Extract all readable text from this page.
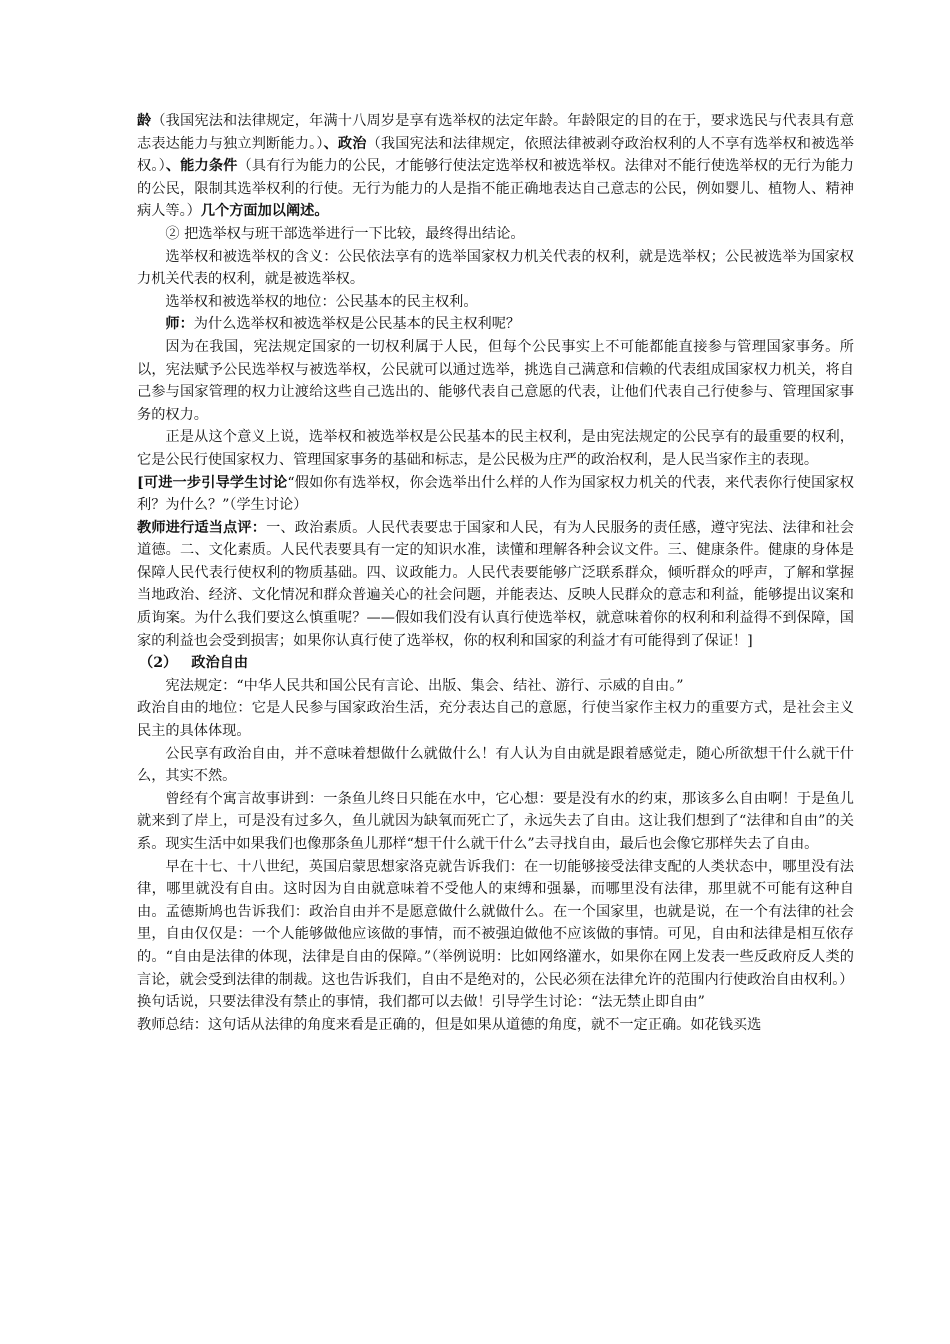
龄（我国宪法和法律规定，年满十八周岁是享有选举权的法定年龄。年龄限定的目的在于，要求选民与代表具有意志表达能力与独立判断能力。）、政治（我国宪法和法律规定，依照法律被剥夺政治权利的人不享有选举权和被选举权。）、能力条件（具有行为能力的公民，才能够行使法定选举权和被选举权。法律对不能行使选举权的无行为能力的公民，限制其选举权利的行使。无行为能力的人是指不能正确地表达自己意志的公民，例如婴儿、植物人、精神病人等。）几个方面加以阐述。

② 把选举权与班干部选举进行一下比较，最终得出结论。

选举权和被选举权的含义：公民依法享有的选举国家权力机关代表的权利，就是选举权；公民被选举为国家权力机关代表的权利，就是被选举权。

选举权和被选举权的地位：公民基本的民主权利。

师：为什么选举权和被选举权是公民基本的民主权利呢？

因为在我国，宪法规定国家的一切权利属于人民，但每个公民事实上不可能都能直接参与管理国家事务。所以，宪法赋予公民选举权与被选举权，公民就可以通过选举，挑选自己满意和信赖的代表组成国家权力机关，将自己参与国家管理的权力让渡给这些自己选出的、能够代表自己意愿的代表，让他们代表自己行使参与、管理国家事务的权力。

正是从这个意义上说，选举权和被选举权是公民基本的民主权利，是由宪法规定的公民享有的最重要的权利，它是公民行使国家权力、管理国家事务的基础和标志，是公民极为庄严的政治权利，是人民当家作主的表现。

[可进一步引导学生讨论“假如你有选举权，你会选举出什么样的人作为国家权力机关的代表，来代表你行使国家权利？为什么？”（学生讨论）

教师进行适当点评：一、政治素质。人民代表要忠于国家和人民，有为人民服务的责任感，遵守宪法、法律和社会道德。二、文化素质。人民代表要具有一定的知识水准，读懂和理解各种会议文件。三、健康条件。健康的身体是保障人民代表行使权利的物质基础。四、议政能力。人民代表要能够广泛联系群众，倾听群众的呼声，了解和掌握当地政治、经济、文化情况和群众普遍关心的社会问题，并能表达、反映人民群众的意志和利益，能够提出议案和质询案。为什么我们要这么慎重呢？——假如我们没有认真行使选举权，就意味着你的权利和利益得不到保障，国家的利益也会受到损害；如果你认真行使了选举权，你的权利和国家的利益才有可能得到了保证！]

（2） 政治自由

宪法规定：“中华人民共和国公民有言论、出版、集会、结社、游行、示威的自由。”

政治自由的地位：它是人民参与国家政治生活，充分表达自己的意愿，行使当家作主权力的重要方式，是社会主义民主的具体体现。

公民享有政治自由，并不意味着想做什么就做什么！有人认为自由就是跟着感觉走，随心所欲想干什么就干什么，其实不然。

曾经有个寓言故事讲到：一条鱼儿终日只能在水中，它心想：要是没有水的约束，那该多么自由啊！于是鱼儿就来到了岸上，可是没有过多久，鱼儿就因为缺氧而死亡了，永远失去了自由。这让我们想到了“法律和自由”的关系。现实生活中如果我们也像那条鱼儿那样“想干什么就干什么”去寻找自由，最后也会像它那样失去了自由。

早在十七、十八世纪，英国启蒙思想家洛克就告诉我们：在一切能够接受法律支配的人类状态中，哪里没有法律，哪里就没有自由。这时因为自由就意味着不受他人的束缚和强暴，而哪里没有法律，那里就不可能有这种自由。孟德斯鸠也告诉我们：政治自由并不是愿意做什么就做什么。在一个国家里，也就是说，在一个有法律的社会里，自由仅仅是：一个人能够做他应该做的事情，而不被强迫做他不应该做的事情。可见，自由和法律是相互依存的。“自由是法律的体现，法律是自由的保障。”（举例说明：比如网络灌水，如果你在网上发表一些反政府反人类的言论，就会受到法律的制裁。这也告诉我们，自由不是绝对的，公民必须在法律允许的范围内行使政治自由权利。）

换句话说，只要法律没有禁止的事情，我们都可以去做！引导学生讨论：“法无禁止即自由”

教师总结：这句话从法律的角度来看是正确的，但是如果从道德的角度，就不一定正确。如花钱买选
